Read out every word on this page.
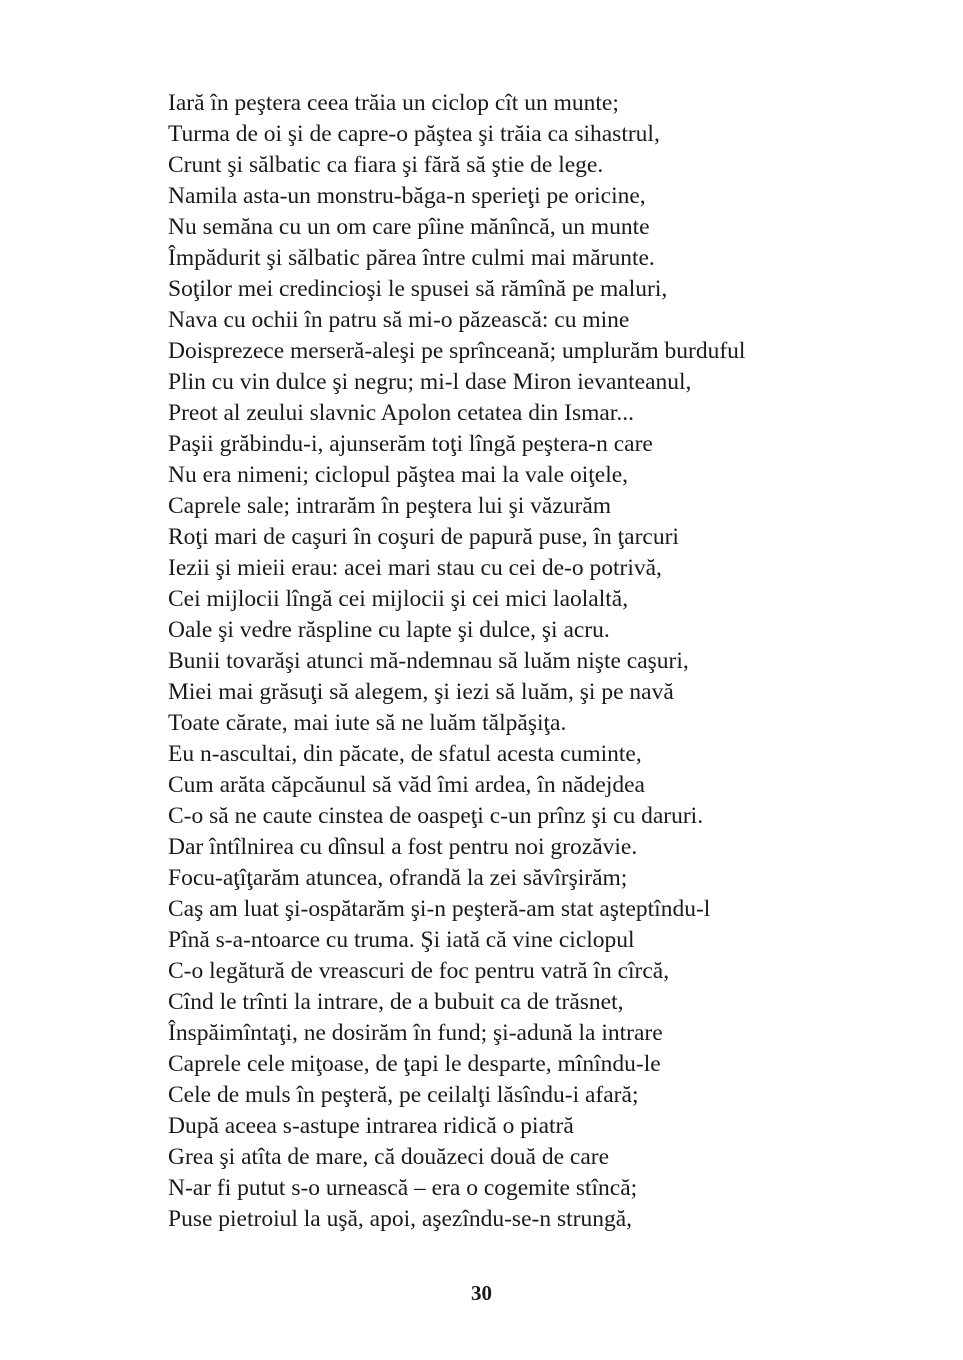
Iară în peştera ceea trăia un ciclop cît un munte;
Turma de oi şi de capre-o păştea şi trăia ca sihastrul,
Crunt şi sălbatic ca fiara şi fără să ştie de lege.
Namila asta-un monstru-băga-n sperieţi pe oricine,
Nu semăna cu un om care pîine mănîncă, un munte
Împădurit şi sălbatic părea între culmi mai mărunte.
Soţilor mei credincioşi le spusei să rămînă pe maluri,
Nava cu ochii în patru să mi-o păzească: cu mine
Doisprezece merseră-aleşi pe sprînceană; umplurăm burduful
Plin cu vin dulce şi negru; mi-l dase Miron ievanteanul,
Preot al zeului slavnic Apolon cetatea din Ismar...
Paşii grăbindu-i, ajunserăm toţi lîngă peştera-n care
Nu era nimeni; ciclopul păştea mai la vale oiţele,
Caprele sale; intrarăm în peştera lui şi văzurăm
Roţi mari de caşuri în coşuri de papură puse, în ţarcuri
Iezii şi mieii erau: acei mari stau cu cei de-o potrivă,
Cei mijlocii lîngă cei mijlocii şi cei mici laolaltă,
Oale şi vedre răspline cu lapte şi dulce, şi acru.
Bunii tovarăşi atunci mă-ndemnau să luăm nişte caşuri,
Miei mai grăsuţi să alegem, şi iezi să luăm, şi pe navă
Toate cărate, mai iute să ne luăm tălpăşiţa.
Eu n-ascultai, din păcate, de sfatul acesta cuminte,
Cum arăta căpcăunul să văd îmi ardea, în nădejdea
C-o să ne caute cinstea de oaspeţi c-un prînz şi cu daruri.
Dar întîlnirea cu dînsul a fost pentru noi grozăvie.
Focu-aţîţarăm atuncea, ofrandă la zei săvîrşirăm;
Caş am luat şi-ospătarăm şi-n peşteră-am stat aşteptîndu-l
Pînă s-a-ntoarce cu truma. Şi iată că vine ciclopul
C-o legătură de vreascuri de foc pentru vatră în cîrcă,
Cînd le trînti la intrare, de a bubuit ca de trăsnet,
Înspăimîntaţi, ne dosirăm în fund; şi-adună la intrare
Caprele cele miţoase, de ţapi le desparte, mînîndu-le
Cele de muls în peşteră, pe ceilalţi lăsîndu-i afară;
După aceea s-astupe intrarea ridică o piatră
Grea şi atîta de mare, că douăzeci două de care
N-ar fi putut s-o urnească – era o cogemite stîncă;
Puse pietroiul la uşă, apoi, aşezîndu-se-n strungă,
30
